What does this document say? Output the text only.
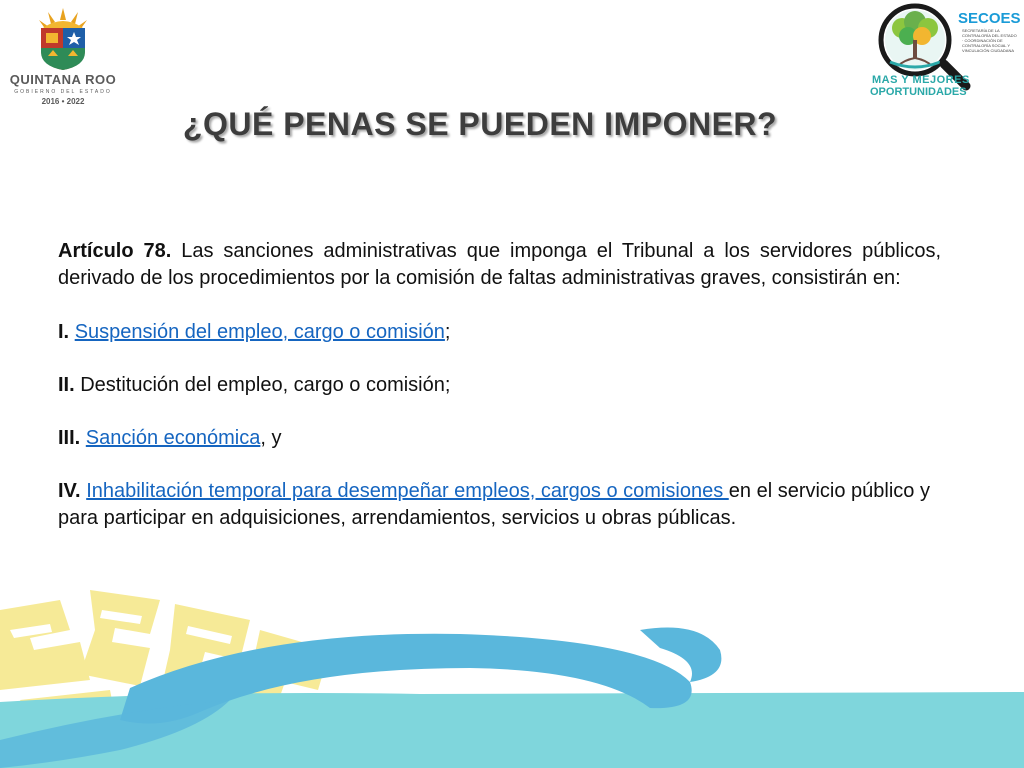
QUINTANA ROO
GOBIERNO DEL ESTADO
2016 • 2022
SECOES
SECRETARÍA DE LA CONTRALORÍA DEL ESTADO · COORDINACIÓN DE CONTRALORÍA SOCIAL Y VINCULACIÓN CIUDADANA
MAS Y MEJORES
OPORTUNIDADES
¿QUÉ PENAS SE PUEDEN IMPONER?

Artículo 78. Las sanciones administrativas que imponga el Tribunal a los servidores públicos, derivado de los procedimientos por la comisión de faltas administrativas graves, consistirán en:

I. Suspensión del empleo, cargo o comisión;

II. Destitución del empleo, cargo o comisión;

III. Sanción económica, y

IV. Inhabilitación temporal para desempeñar empleos, cargos o comisiones en el servicio público y para participar en adquisiciones, arrendamientos, servicios u obras públicas.
